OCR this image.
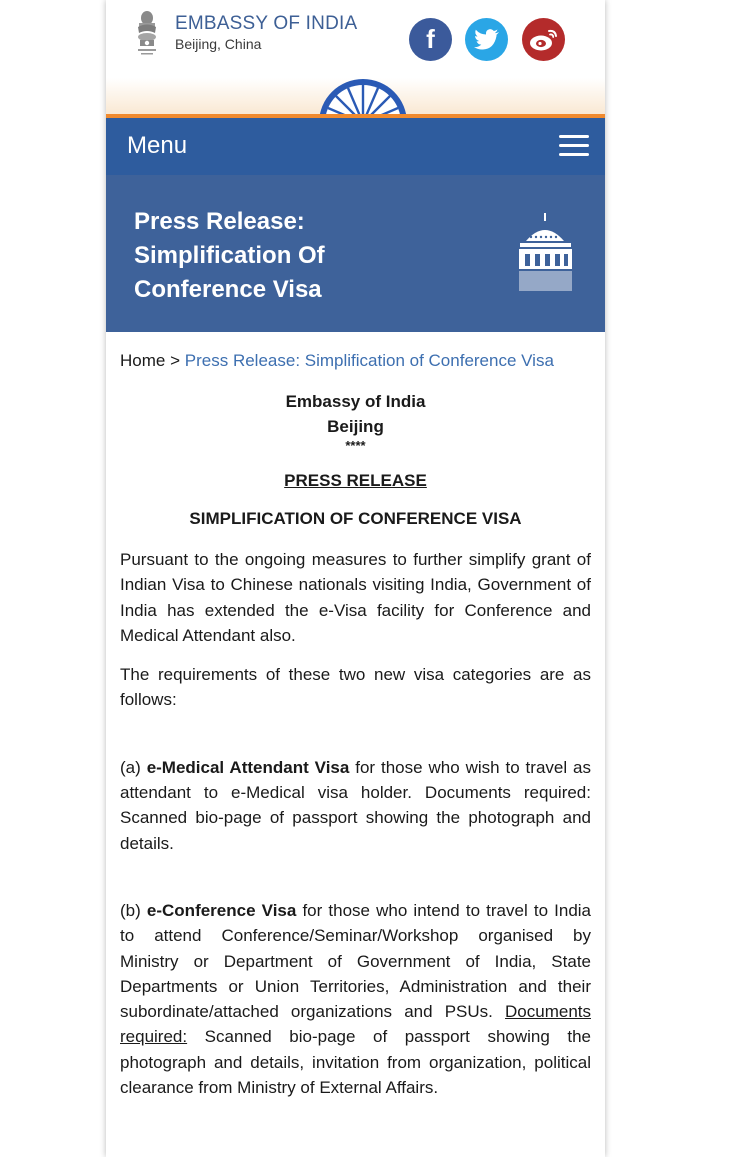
EMBASSY OF INDIA
Beijing, China	f
Menu
Press Release: Simplification Of Conference Visa
Home > Press Release: Simplification of Conference Visa
Embassy of India
Beijing
****
PRESS RELEASE
SIMPLIFICATION OF CONFERENCE VISA

Pursuant to the ongoing measures to further simplify grant of Indian Visa to Chinese nationals visiting India, Government of India has extended the e-Visa facility for Conference and Medical Attendant also.

The requirements of these two new visa categories are as follows:

(a) e-Medical Attendant Visa for those who wish to travel as attendant to e-Medical visa holder. Documents required: Scanned bio-page of passport showing the photograph and details.

(b) e-Conference Visa for those who intend to travel to India to attend Conference/Seminar/Workshop organised by Ministry or Department of Government of India, State Departments or Union Territories, Administration and their subordinate/attached organizations and PSUs. Documents required: Scanned bio-page of passport showing the photograph and details, invitation from organization, political clearance from Ministry of External Affairs.
